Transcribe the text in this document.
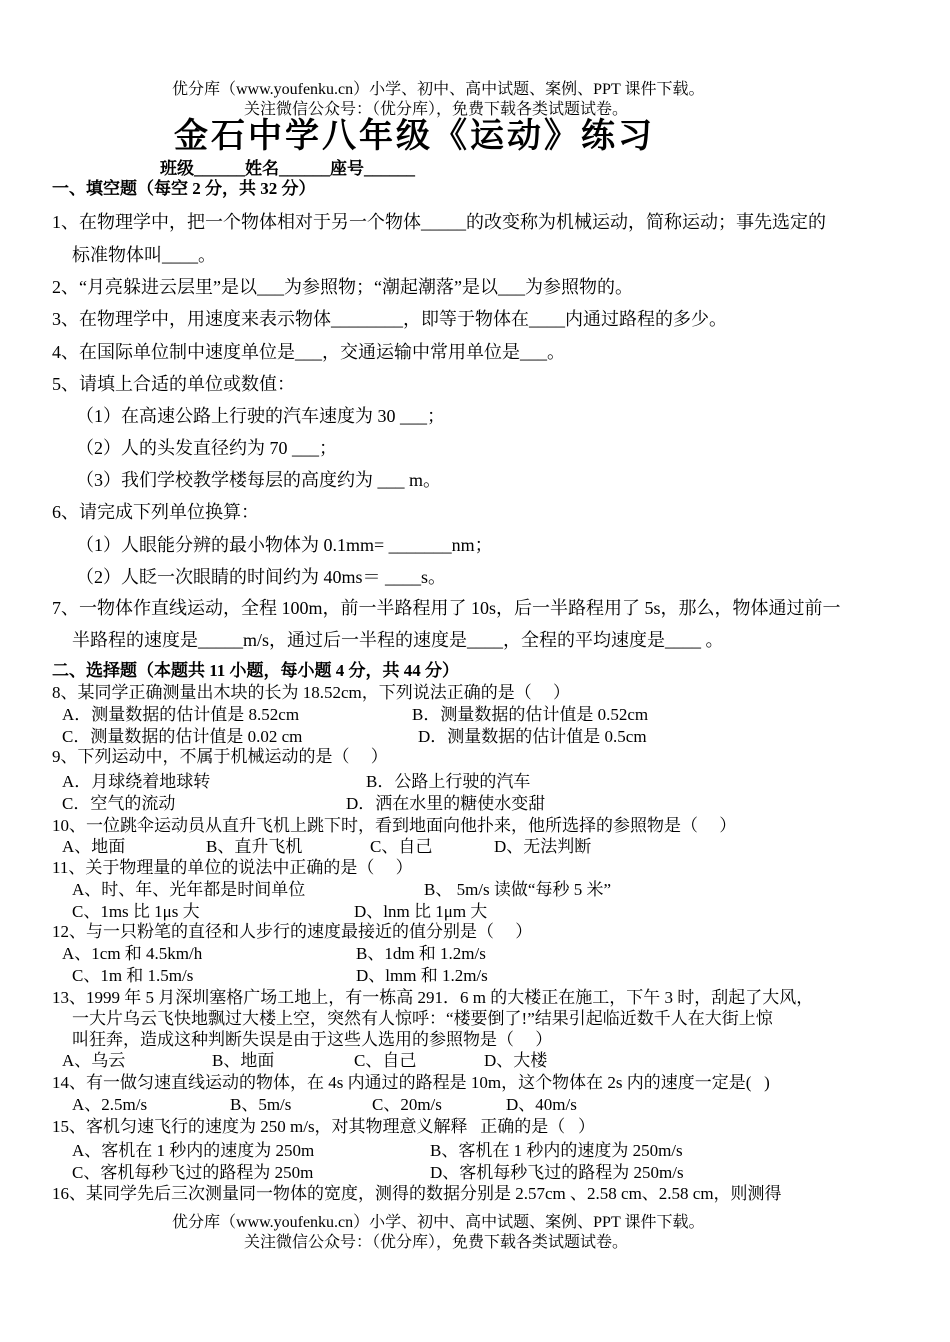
优分库（www.youfenku.cn）小学、初中、高中试题、案例、PPT 课件下载。
关注微信公众号：（优分库），免费下载各类试题试卷。
金石中学八年级《运动》练习
班级______姓名______座号______
一、填空题（每空 2 分，共 32 分）
1、在物理学中，把一个物体相对于另一个物体_____的改变称为机械运动，简称运动；事先选定的
标准物体叫____。
2、“月亮躲进云层里”是以___为参照物；“潮起潮落”是以___为参照物的。
3、在物理学中，用速度来表示物体________，即等于物体在____内通过路程的多少。
4、在国际单位制中速度单位是___，交通运输中常用单位是___。
5、请填上合适的单位或数值：
（1）在高速公路上行驶的汽车速度为 30 ___；
（2）人的头发直径约为 70 ___；
（3）我们学校教学楼每层的高度约为 ___ m。
6、请完成下列单位换算：
（1）人眼能分辨的最小物体为 0.1mm= _______nm；
（2）人眨一次眼睛的时间约为 40ms＝ ____s。
7、一物体作直线运动，全程 100m，前一半路程用了 10s，后一半路程用了 5s，那么，物体通过前一
半路程的速度是_____m/s，通过后一半程的速度是____，全程的平均速度是____ 。
二、选择题（本题共 11 小题，每小题 4 分，共 44 分）
8、某同学正确测量出木块的长为 18.52cm，下列说法正确的是（     ）
A．测量数据的估计值是 8.52cm	B．测量数据的估计值是 0.52cm
C．测量数据的估计值是 0.02 cm	D．测量数据的估计值是 0.5cm
9、下列运动中，不属于机械运动的是（     ）
A．月球绕着地球转	B．公路上行驶的汽车
C．空气的流动	D．洒在水里的糖使水变甜
10、一位跳伞运动员从直升飞机上跳下时，看到地面向他扑来，他所选择的参照物是（     ）
A、地面	B、直升飞机	C、自己	D、无法判断
11、关于物理量的单位的说法中正确的是（     ）
A、时、年、光年都是时间单位	B、 5m/s 读做“每秒 5 米”
C、1ms 比 1μs 大	D、lnm 比 1μm 大
12、与一只粉笔的直径和人步行的速度最接近的值分别是（     ）
A、1cm 和 4.5km/h	B、1dm 和 1.2m/s
C、1m 和 1.5m/s	D、lmm 和 1.2m/s
13、1999 年 5 月深圳塞格广场工地上，有一栋高 291．6 m 的大楼正在施工，下午 3 时，刮起了大风，
一大片乌云飞快地飘过大楼上空，突然有人惊呼：“楼要倒了!”结果引起临近数千人在大街上惊
叫狂奔，造成这种判断失误是由于这些人选用的参照物是（     ）
A、乌云	B、地面	C、自己	D、大楼
14、有一做匀速直线运动的物体，在 4s 内通过的路程是 10m，这个物体在 2s 内的速度一定是(   )
A、2.5m/s	B、5m/s	C、20m/s	D、40m/s
15、客机匀速飞行的速度为 250 m/s，对其物理意义解释   正确的是（   ）
A、客机在 1 秒内的速度为 250m	B、客机在 1 秒内的速度为 250m/s
C、客机每秒飞过的路程为 250m	D、客机每秒飞过的路程为 250m/s
16、某同学先后三次测量同一物体的宽度，测得的数据分别是 2.57cm 、2.58 cm、2.58 cm，则测得
优分库（www.youfenku.cn）小学、初中、高中试题、案例、PPT 课件下载。
关注微信公众号：（优分库），免费下载各类试题试卷。
